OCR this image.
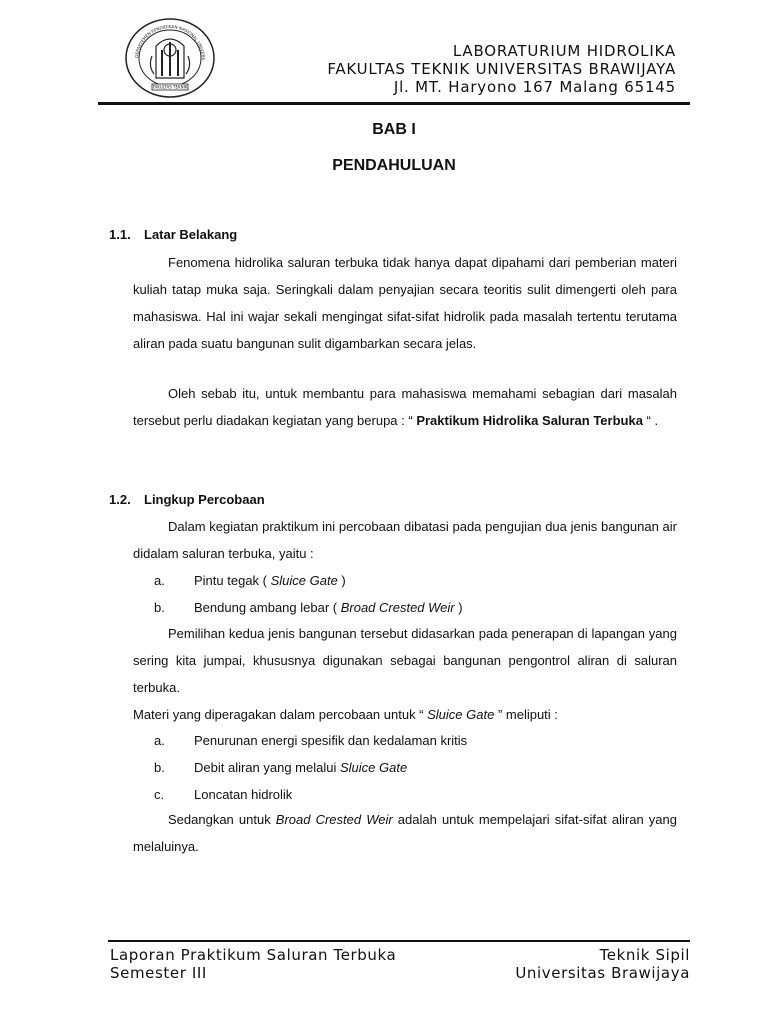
DEPARTEMEN PENDIDIKAN NASIONAL UNIVERS
FAKULTAS TEKNIK
LABORATURIUM HIDROLIKA
FAKULTAS TEKNIK UNIVERSITAS BRAWIJAYA
Jl. MT. Haryono 167 Malang 65145
BAB I
PENDAHULUAN
1.1. Latar Belakang

Fenomena hidrolika saluran terbuka tidak hanya dapat dipahami dari pemberian materi kuliah tatap muka saja. Seringkali dalam penyajian secara teoritis sulit dimengerti oleh para mahasiswa. Hal ini wajar sekali mengingat sifat-sifat hidrolik pada masalah tertentu terutama aliran pada suatu bangunan sulit digambarkan secara jelas.

Oleh sebab itu, untuk membantu para mahasiswa memahami sebagian dari masalah tersebut perlu diadakan kegiatan yang berupa : “ Praktikum Hidrolika Saluran Terbuka “ .

1.2. Lingkup Percobaan

Dalam kegiatan praktikum ini percobaan dibatasi pada pengujian dua jenis bangunan air didalam saluran terbuka, yaitu :

a. Pintu tegak ( Sluice Gate )
b. Bendung ambang lebar ( Broad Crested Weir )

Pemilihan kedua jenis bangunan tersebut didasarkan pada penerapan di lapangan yang sering kita jumpai, khususnya digunakan sebagai bangunan pengontrol aliran di saluran terbuka.

Materi yang diperagakan dalam percobaan untuk “ Sluice Gate ” meliputi :
a. Penurunan energi spesifik dan kedalaman kritis
b. Debit aliran yang melalui Sluice Gate
c. Loncatan hidrolik

Sedangkan untuk Broad Crested Weir adalah untuk mempelajari sifat-sifat aliran yang melaluinya.

Laporan Praktikum Saluran Terbuka
Semester III
Teknik Sipil
Universitas Brawijaya
